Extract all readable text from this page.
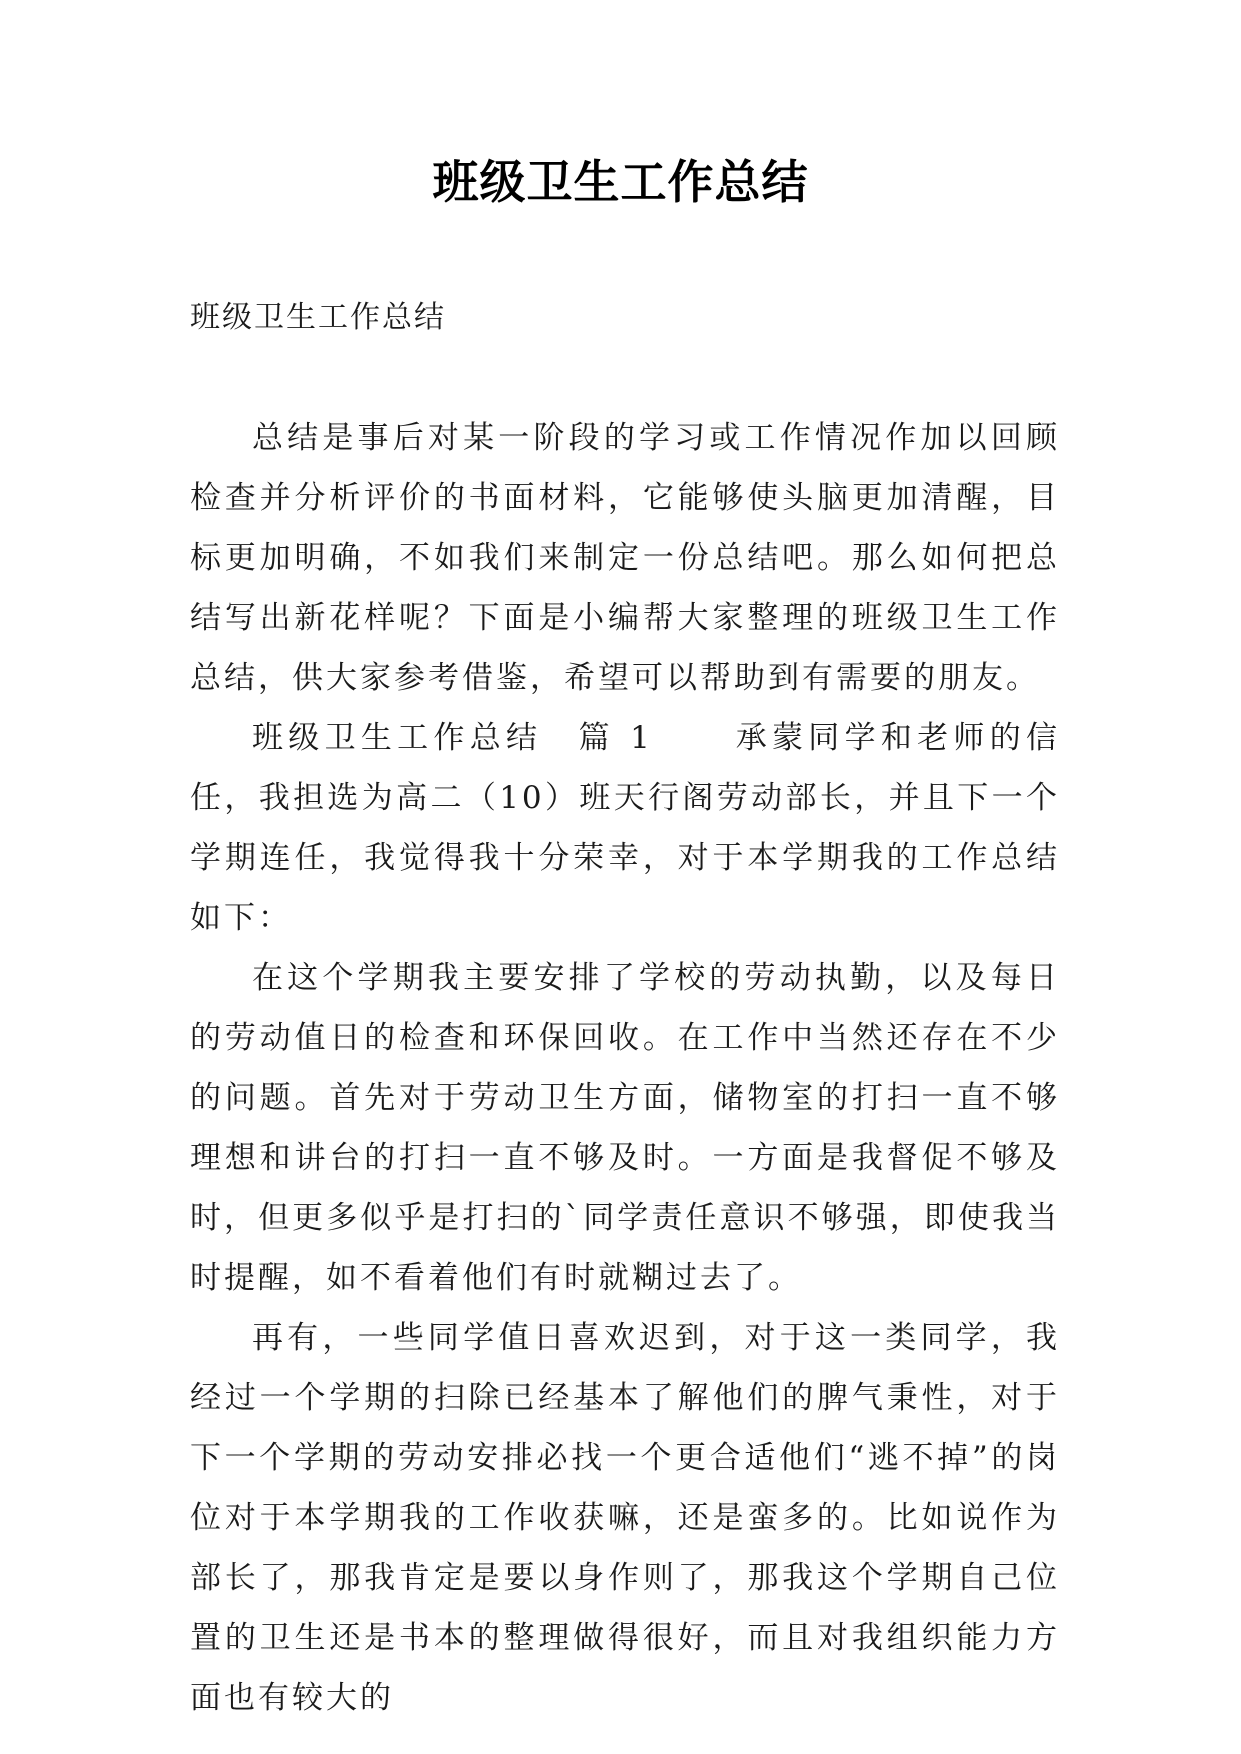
班级卫生工作总结

班级卫生工作总结

总结是事后对某一阶段的学习或工作情况作加以回顾检查并分析评价的书面材料，它能够使头脑更加清醒，目标更加明确，不如我们来制定一份总结吧。那么如何把总结写出新花样呢？下面是小编帮大家整理的班级卫生工作总结，供大家参考借鉴，希望可以帮助到有需要的朋友。

班级卫生工作总结 篇 1	承蒙同学和老师的信任，我担选为高二（10）班天行阁劳动部长，并且下一个学期连任，我觉得我十分荣幸，对于本学期我的工作总结如下：

在这个学期我主要安排了学校的劳动执勤，以及每日的劳动值日的检查和环保回收。在工作中当然还存在不少的问题。首先对于劳动卫生方面，储物室的打扫一直不够理想和讲台的打扫一直不够及时。一方面是我督促不够及时，但更多似乎是打扫的`同学责任意识不够强，即使我当时提醒，如不看着他们有时就糊过去了。

再有，一些同学值日喜欢迟到，对于这一类同学，我经过一个学期的扫除已经基本了解他们的脾气秉性，对于下一个学期的劳动安排必找一个更合适他们“逃不掉”的岗位对于本学期我的工作收获嘛，还是蛮多的。比如说作为部长了，那我肯定是要以身作则了，那我这个学期自己位置的卫生还是书本的整理做得很好，而且对我组织能力方面也有较大的
